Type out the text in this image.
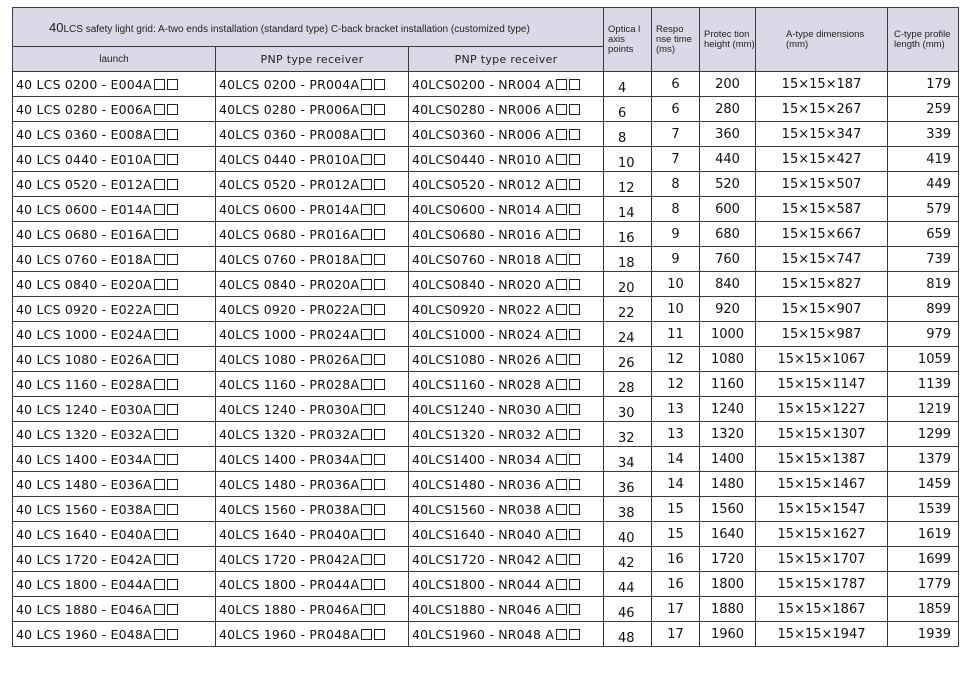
40LCS safety light grid: A-two ends installation (standard type) C-back bracket installation (customized type)			Optica l axis points	Respo nse time (ms)	Protec tion height (mm)	A-type dimensions (mm)	C-type profile length (mm)
launch	PNP type receiver	PNP type receiver					
40 LCS 0200 - E004A	40LCS 0200 - PR004A	40LCS0200 - NR004 A	4	6	200	15×15×187	179
40 LCS 0280 - E006A	40LCS 0280 - PR006A	40LCS0280 - NR006 A	6	6	280	15×15×267	259
40 LCS 0360 - E008A	40LCS 0360 - PR008A	40LCS0360 - NR006 A	8	7	360	15×15×347	339
40 LCS 0440 - E010A	40LCS 0440 - PR010A	40LCS0440 - NR010 A	10	7	440	15×15×427	419
40 LCS 0520 - E012A	40LCS 0520 - PR012A	40LCS0520 - NR012 A	12	8	520	15×15×507	449
40 LCS 0600 - E014A	40LCS 0600 - PR014A	40LCS0600 - NR014 A	14	8	600	15×15×587	579
40 LCS 0680 - E016A	40LCS 0680 - PR016A	40LCS0680 - NR016 A	16	9	680	15×15×667	659
40 LCS 0760 - E018A	40LCS 0760 - PR018A	40LCS0760 - NR018 A	18	9	760	15×15×747	739
40 LCS 0840 - E020A	40LCS 0840 - PR020A	40LCS0840 - NR020 A	20	10	840	15×15×827	819
40 LCS 0920 - E022A	40LCS 0920 - PR022A	40LCS0920 - NR022 A	22	10	920	15×15×907	899
40 LCS 1000 - E024A	40LCS 1000 - PR024A	40LCS1000 - NR024 A	24	11	1000	15×15×987	979
40 LCS 1080 - E026A	40LCS 1080 - PR026A	40LCS1080 - NR026 A	26	12	1080	15×15×1067	1059
40 LCS 1160 - E028A	40LCS 1160 - PR028A	40LCS1160 - NR028 A	28	12	1160	15×15×1147	1139
40 LCS 1240 - E030A	40LCS 1240 - PR030A	40LCS1240 - NR030 A	30	13	1240	15×15×1227	1219
40 LCS 1320 - E032A	40LCS 1320 - PR032A	40LCS1320 - NR032 A	32	13	1320	15×15×1307	1299
40 LCS 1400 - E034A	40LCS 1400 - PR034A	40LCS1400 - NR034 A	34	14	1400	15×15×1387	1379
40 LCS 1480 - E036A	40LCS 1480 - PR036A	40LCS1480 - NR036 A	36	14	1480	15×15×1467	1459
40 LCS 1560 - E038A	40LCS 1560 - PR038A	40LCS1560 - NR038 A	38	15	1560	15×15×1547	1539
40 LCS 1640 - E040A	40LCS 1640 - PR040A	40LCS1640 - NR040 A	40	15	1640	15×15×1627	1619
40 LCS 1720 - E042A	40LCS 1720 - PR042A	40LCS1720 - NR042 A	42	16	1720	15×15×1707	1699
40 LCS 1800 - E044A	40LCS 1800 - PR044A	40LCS1800 - NR044 A	44	16	1800	15×15×1787	1779
40 LCS 1880 - E046A	40LCS 1880 - PR046A	40LCS1880 - NR046 A	46	17	1880	15×15×1867	1859
40 LCS 1960 - E048A	40LCS 1960 - PR048A	40LCS1960 - NR048 A	48	17	1960	15×15×1947	1939
